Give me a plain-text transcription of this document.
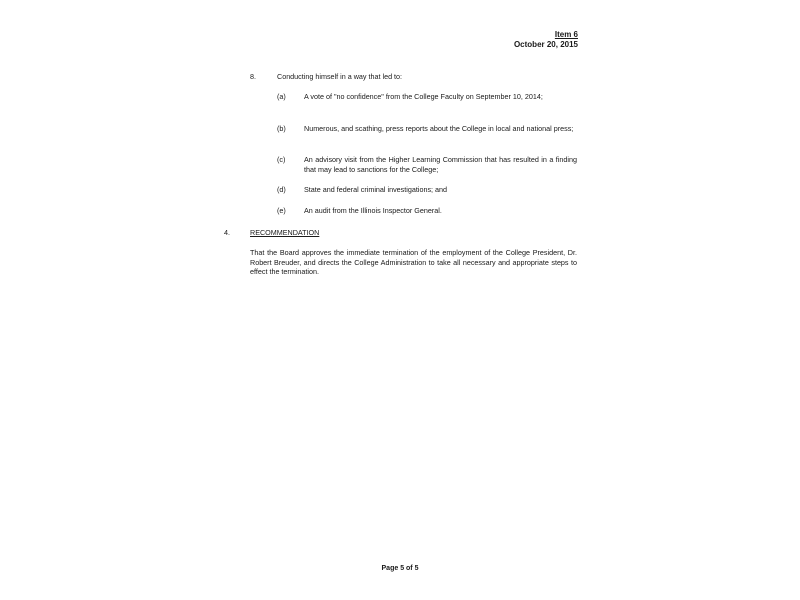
Item 6
October 20, 2015
8.	Conducting himself in a way that led to:
(a)	A vote of "no confidence" from the College Faculty on September 10, 2014;
(b)	Numerous, and scathing, press reports about the College in local and national press;
(c)	An advisory visit from the Higher Learning Commission that has resulted in a finding that may lead to sanctions for the College;
(d)	State and federal criminal investigations; and
(e)	An audit from the Illinois Inspector General.
4.	RECOMMENDATION
That the Board approves the immediate termination of the employment of the College President, Dr. Robert Breuder, and directs the College Administration to take all necessary and appropriate steps to effect the termination.
Page 5 of 5
